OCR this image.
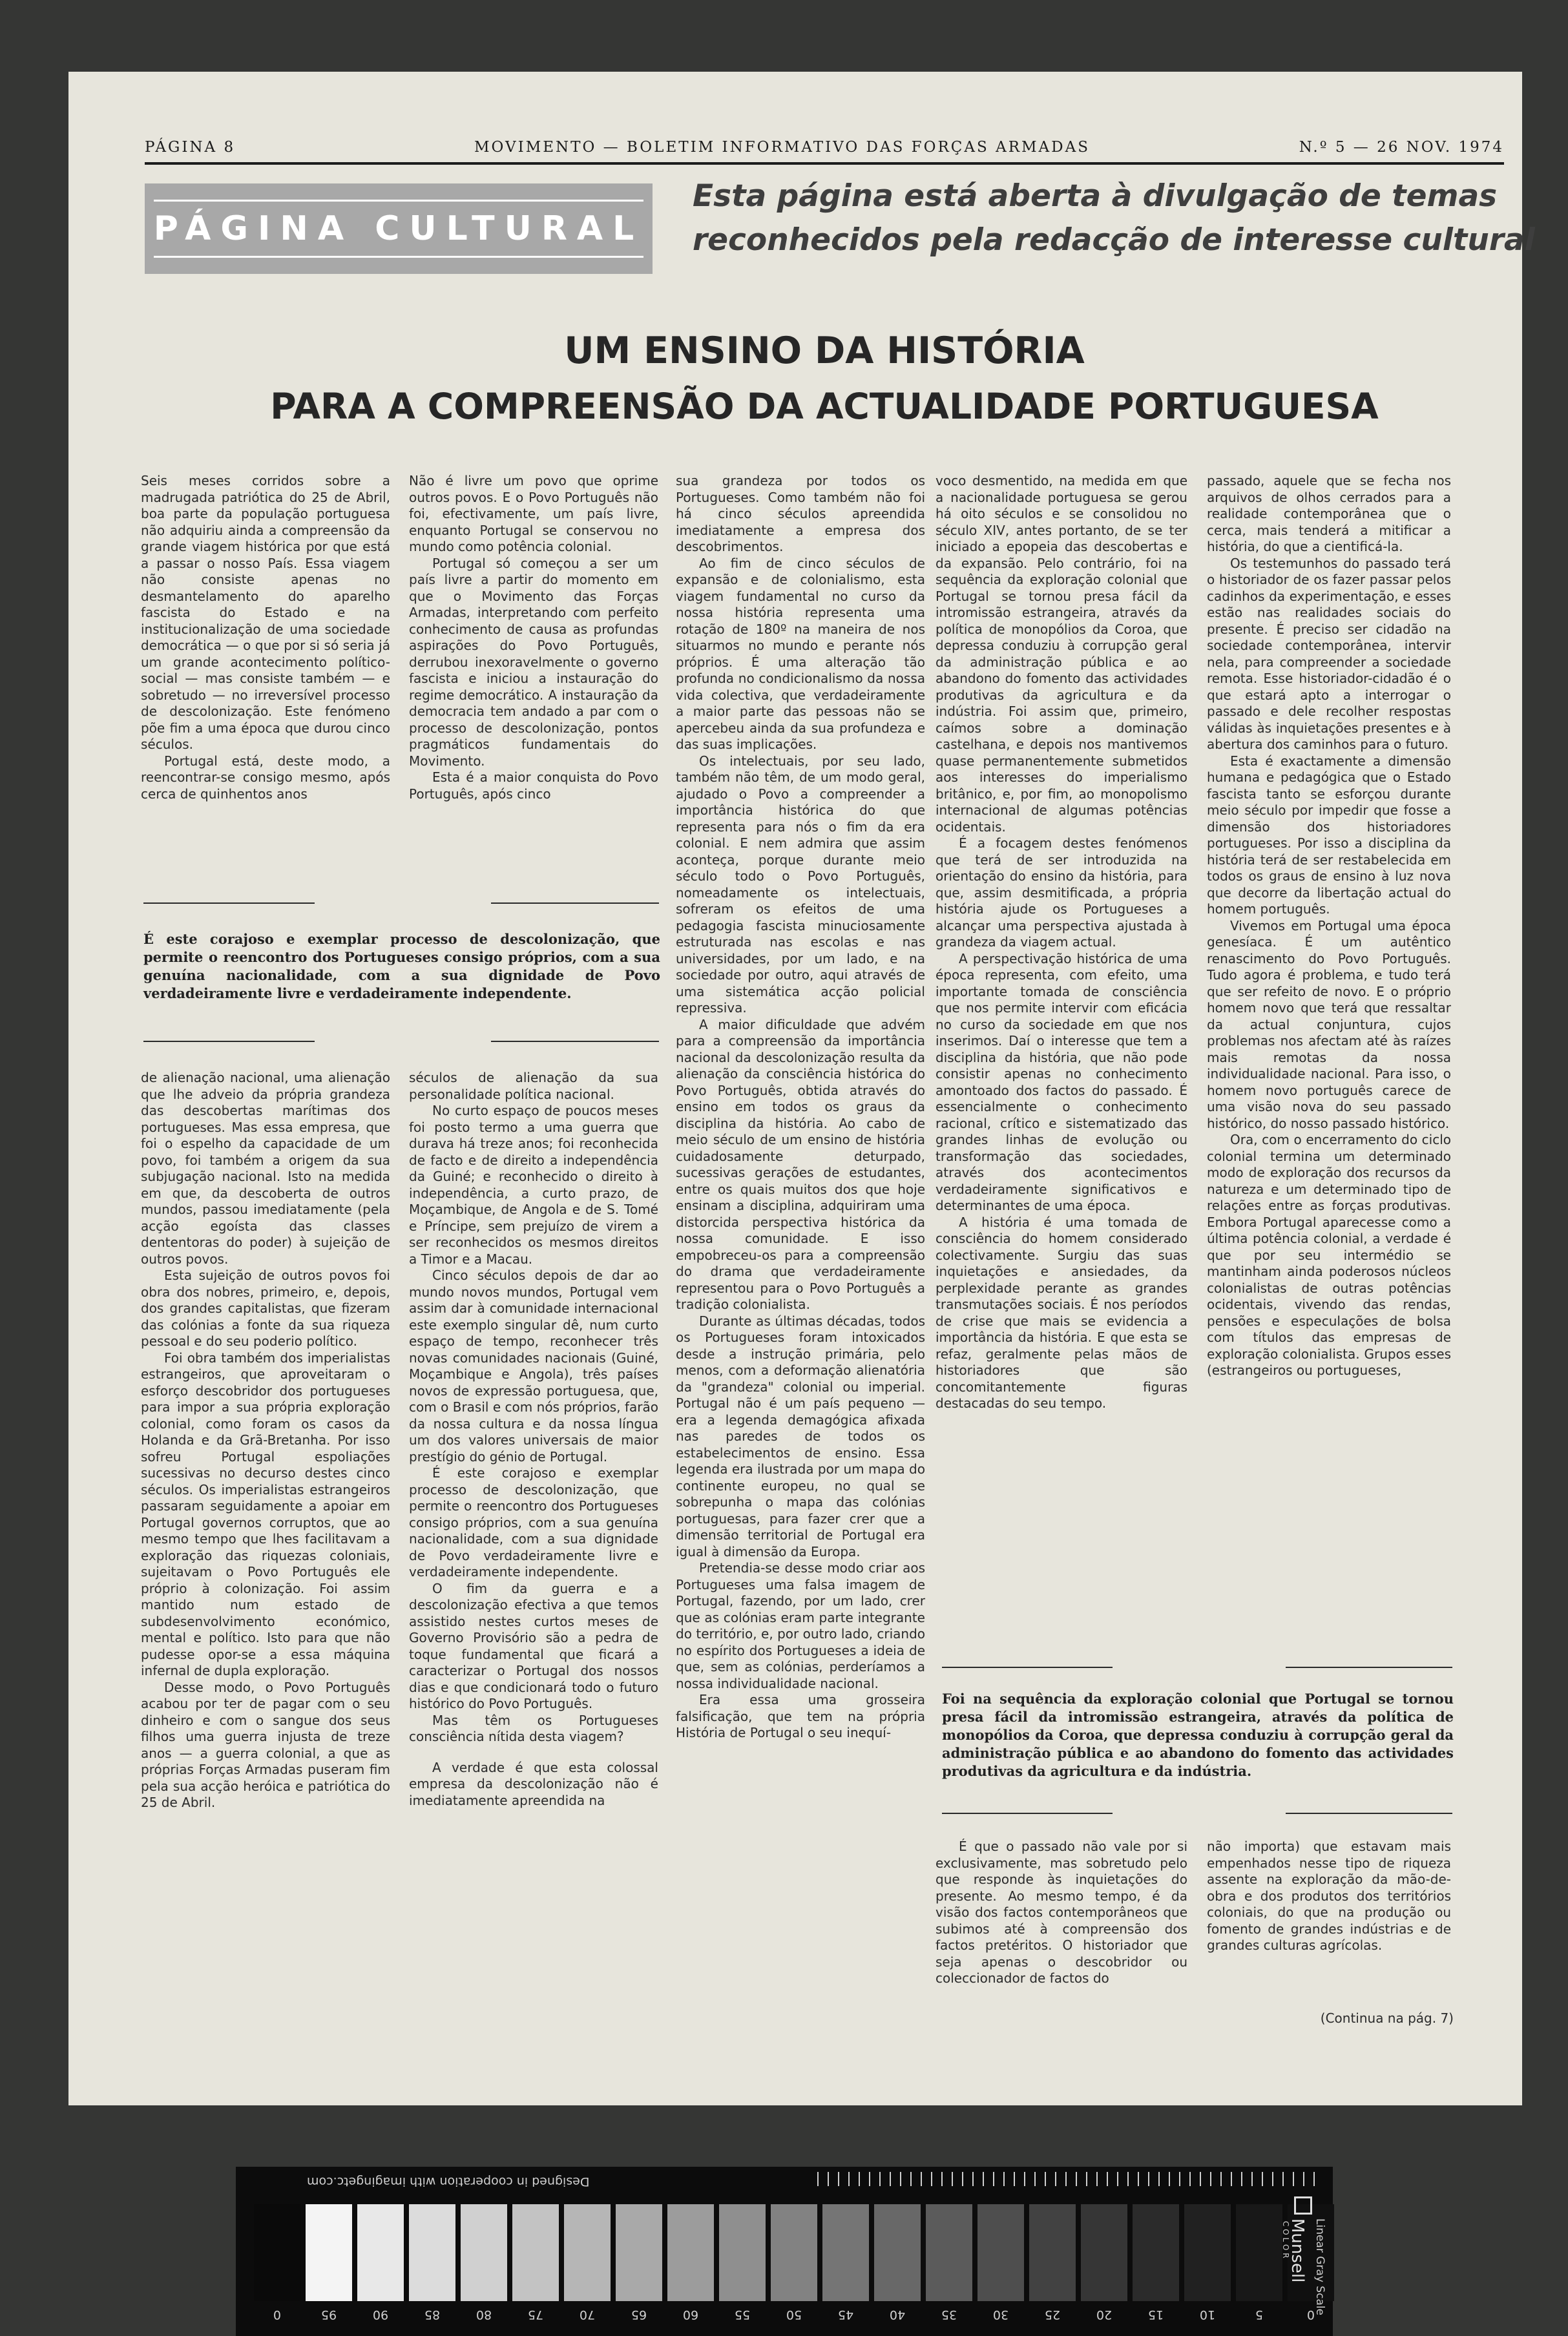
PÁGINA 8	MOVIMENTO — BOLETIM INFORMATIVO DAS FORÇAS ARMADAS	N.º 5 — 26 NOV. 1974
PÁGINA CULTURAL
Esta página está aberta à divulgação de temas
reconhecidos pela redacção de interesse cultural
UM ENSINO DA HISTÓRIA
PARA A COMPREENSÃO DA ACTUALIDADE PORTUGUESA

Seis meses corridos sobre a madrugada patriótica do 25 de Abril, boa parte da população portuguesa não adquiriu ainda a compreensão da grande viagem histórica por que está a passar o nosso País. Essa viagem não consiste apenas no desmantelamento do aparelho fascista do Estado e na institucionalização de uma sociedade democrática — o que por si só seria já um grande acontecimento político-social — mas consiste também — e sobretudo — no irreversível processo de descolonização. Este fenómeno põe fim a uma época que durou cinco séculos.

Portugal está, deste modo, a reencontrar-se consigo mesmo, após cerca de quinhentos anos

Não é livre um povo que oprime outros povos. E o Povo Português não foi, efectivamente, um país livre, enquanto Portugal se conservou no mundo como potência colonial.

Portugal só começou a ser um país livre a partir do momento em que o Movimento das Forças Armadas, interpretando com perfeito conhecimento de causa as profundas aspirações do Povo Português, derrubou inexoravelmente o governo fascista e iniciou a instauração do regime democrático. A instauração da democracia tem andado a par com o processo de descolonização, pontos pragmáticos fundamentais do Movimento.

Esta é a maior conquista do Povo Português, após cinco

É este corajoso e exemplar processo de descolonização, que permite o reencontro dos Portugueses consigo próprios, com a sua genuína nacionalidade, com a sua dignidade de Povo verdadeiramente livre e verdadeiramente independente.

de alienação nacional, uma alienação que lhe adveio da própria grandeza das descobertas marítimas dos portugueses. Mas essa empresa, que foi o espelho da capacidade de um povo, foi também a origem da sua subjugação nacional. Isto na medida em que, da descoberta de outros mundos, passou imediatamente (pela acção egoísta das classes dententoras do poder) à sujeição de outros povos.

Esta sujeição de outros povos foi obra dos nobres, primeiro, e, depois, dos grandes capitalistas, que fizeram das colónias a fonte da sua riqueza pessoal e do seu poderio político.

Foi obra também dos imperialistas estrangeiros, que aproveitaram o esforço descobridor dos portugueses para impor a sua própria exploração colonial, como foram os casos da Holanda e da Grã-Bretanha. Por isso sofreu Portugal espoliações sucessivas no decurso destes cinco séculos. Os imperialistas estrangeiros passaram seguidamente a apoiar em Portugal governos corruptos, que ao mesmo tempo que lhes facilitavam a exploração das riquezas coloniais, sujeitavam o Povo Português ele próprio à colonização. Foi assim mantido num estado de subdesenvolvimento económico, mental e político. Isto para que não pudesse opor-se a essa máquina infernal de dupla exploração.

Desse modo, o Povo Português acabou por ter de pagar com o seu dinheiro e com o sangue dos seus filhos uma guerra injusta de treze anos — a guerra colonial, a que as próprias Forças Armadas puseram fim pela sua acção heróica e patriótica do 25 de Abril.

séculos de alienação da sua personalidade política nacional.

No curto espaço de poucos meses foi posto termo a uma guerra que durava há treze anos; foi reconhecida de facto e de direito a independência da Guiné; e reconhecido o direito à independência, a curto prazo, de Moçambique, de Angola e de S. Tomé e Príncipe, sem prejuízo de virem a ser reconhecidos os mesmos direitos a Timor e a Macau.

Cinco séculos depois de dar ao mundo novos mundos, Portugal vem assim dar à comunidade internacional este exemplo singular dê, num curto espaço de tempo, reconhecer três novas comunidades nacionais (Guiné, Moçambique e Angola), três países novos de expressão portuguesa, que, com o Brasil e com nós próprios, farão da nossa cultura e da nossa língua um dos valores universais de maior prestígio do génio de Portugal.

É este corajoso e exemplar processo de descolonização, que permite o reencontro dos Portugueses consigo próprios, com a sua genuína nacionalidade, com a sua dignidade de Povo verdadeiramente livre e verdadeiramente independente.

O fim da guerra e a descolonização efectiva a que temos assistido nestes curtos meses de Governo Provisório são a pedra de toque fundamental que ficará a caracterizar o Portugal dos nossos dias e que condicionará todo o futuro histórico do Povo Português.

Mas têm os Portugueses consciência nítida desta viagem?

A verdade é que esta colossal empresa da descolonização não é imediatamente apreendida na

sua grandeza por todos os Portugueses. Como também não foi há cinco séculos apreendida imediatamente a empresa dos descobrimentos.

Ao fim de cinco séculos de expansão e de colonialismo, esta viagem fundamental no curso da nossa história representa uma rotação de 180º na maneira de nos situarmos no mundo e perante nós próprios. É uma alteração tão profunda no condicionalismo da nossa vida colectiva, que verdadeiramente a maior parte das pessoas não se apercebeu ainda da sua profundeza e das suas implicações.

Os intelectuais, por seu lado, também não têm, de um modo geral, ajudado o Povo a compreender a importância histórica do que representa para nós o fim da era colonial. E nem admira que assim aconteça, porque durante meio século todo o Povo Português, nomeadamente os intelectuais, sofreram os efeitos de uma pedagogia fascista minuciosamente estruturada nas escolas e nas universidades, por um lado, e na sociedade por outro, aqui através de uma sistemática acção policial repressiva.

A maior dificuldade que advém para a compreensão da importância nacional da descolonização resulta da alienação da consciência histórica do Povo Português, obtida através do ensino em todos os graus da disciplina da história. Ao cabo de meio século de um ensino de história cuidadosamente deturpado, sucessivas gerações de estudantes, entre os quais muitos dos que hoje ensinam a disciplina, adquiriram uma distorcida perspectiva histórica da nossa comunidade. E isso empobreceu-os para a compreensão do drama que verdadeiramente representou para o Povo Português a tradição colonialista.

Durante as últimas décadas, todos os Portugueses foram intoxicados desde a instrução primária, pelo menos, com a deformação alienatória da "grandeza" colonial ou imperial. Portugal não é um país pequeno — era a legenda demagógica afixada nas paredes de todos os estabelecimentos de ensino. Essa legenda era ilustrada por um mapa do continente europeu, no qual se sobrepunha o mapa das colónias portuguesas, para fazer crer que a dimensão territorial de Portugal era igual à dimensão da Europa.

Pretendia-se desse modo criar aos Portugueses uma falsa imagem de Portugal, fazendo, por um lado, crer que as colónias eram parte integrante do território, e, por outro lado, criando no espírito dos Portugueses a ideia de que, sem as colónias, perderíamos a nossa individualidade nacional.

Era essa uma grosseira falsificação, que tem na própria História de Portugal o seu inequí-

voco desmentido, na medida em que a nacionalidade portuguesa se gerou há oito séculos e se consolidou no século XIV, antes portanto, de se ter iniciado a epopeia das descobertas e da expansão. Pelo contrário, foi na sequência da exploração colonial que Portugal se tornou presa fácil da intromissão estrangeira, através da política de monopólios da Coroa, que depressa conduziu à corrupção geral da administração pública e ao abandono do fomento das actividades produtivas da agricultura e da indústria. Foi assim que, primeiro, caímos sobre a dominação castelhana, e depois nos mantivemos quase permanentemente submetidos aos interesses do imperialismo britânico, e, por fim, ao monopolismo internacional de algumas potências ocidentais.

É a focagem destes fenómenos que terá de ser introduzida na orientação do ensino da história, para que, assim desmitificada, a própria história ajude os Portugueses a alcançar uma perspectiva ajustada à grandeza da viagem actual.

A perspectivação histórica de uma época representa, com efeito, uma importante tomada de consciência que nos permite intervir com eficácia no curso da sociedade em que nos inserimos. Daí o interesse que tem a disciplina da história, que não pode consistir apenas no conhecimento amontoado dos factos do passado. É essencialmente o conhecimento racional, crítico e sistematizado das grandes linhas de evolução ou transformação das sociedades, através dos acontecimentos verdadeiramente significativos e determinantes de uma época.

A história é uma tomada de consciência do homem considerado colectivamente. Surgiu das suas inquietações e ansiedades, da perplexidade perante as grandes transmutações sociais. É nos períodos de crise que mais se evidencia a importância da história. E que esta se refaz, geralmente pelas mãos de historiadores que são concomitantemente figuras destacadas do seu tempo.

passado, aquele que se fecha nos arquivos de olhos cerrados para a realidade contemporânea que o cerca, mais tenderá a mitificar a história, do que a cientificá-la.

Os testemunhos do passado terá o historiador de os fazer passar pelos cadinhos da experimentação, e esses estão nas realidades sociais do presente. É preciso ser cidadão na sociedade contemporânea, intervir nela, para compreender a sociedade remota. Esse historiador-cidadão é o que estará apto a interrogar o passado e dele recolher respostas válidas às inquietações presentes e à abertura dos caminhos para o futuro.

Esta é exactamente a dimensão humana e pedagógica que o Estado fascista tanto se esforçou durante meio século por impedir que fosse a dimensão dos historiadores portugueses. Por isso a disciplina da história terá de ser restabelecida em todos os graus de ensino à luz nova que decorre da libertação actual do homem português.

Vivemos em Portugal uma época genesíaca. É um autêntico renascimento do Povo Português. Tudo agora é problema, e tudo terá que ser refeito de novo. E o próprio homem novo que terá que ressaltar da actual conjuntura, cujos problemas nos afectam até às raízes mais remotas da nossa individualidade nacional. Para isso, o homem novo português carece de uma visão nova do seu passado histórico, do nosso passado histórico.

Ora, com o encerramento do ciclo colonial termina um determinado modo de exploração dos recursos da natureza e um determinado tipo de relações entre as forças produtivas. Embora Portugal aparecesse como a última potência colonial, a verdade é que por seu intermédio se mantinham ainda poderosos núcleos colonialistas de outras potências ocidentais, vivendo das rendas, pensões e especulações de bolsa com títulos das empresas de exploração colonialista. Grupos esses (estrangeiros ou portugueses,

Foi na sequência da exploração colonial que Portugal se tornou presa fácil da intromissão estrangeira, através da política de monopólios da Coroa, que depressa conduziu à corrupção geral da administração pública e ao abandono do fomento das actividades produtivas da agricultura e da indústria.

É que o passado não vale por si exclusivamente, mas sobretudo pelo que responde às inquietações do presente. Ao mesmo tempo, é da visão dos factos contemporâneos que subimos até à compreensão dos factos pretéritos. O historiador que seja apenas o descobridor ou coleccionador de factos do

não importa) que estavam mais empenhados nesse tipo de riqueza assente na exploração da mão-de-obra e dos produtos dos territórios coloniais, do que na produção ou fomento de grandes indústrias e de grandes culturas agrícolas.

(Continua na pág. 7)
Designed in cooperation with imagingetc.com
0	95	90	85	80	75	70	65	60	55	50	45	40	35	30	25	20	15	10	5	0
Munsell
C O L O R Linear Gray Scale
